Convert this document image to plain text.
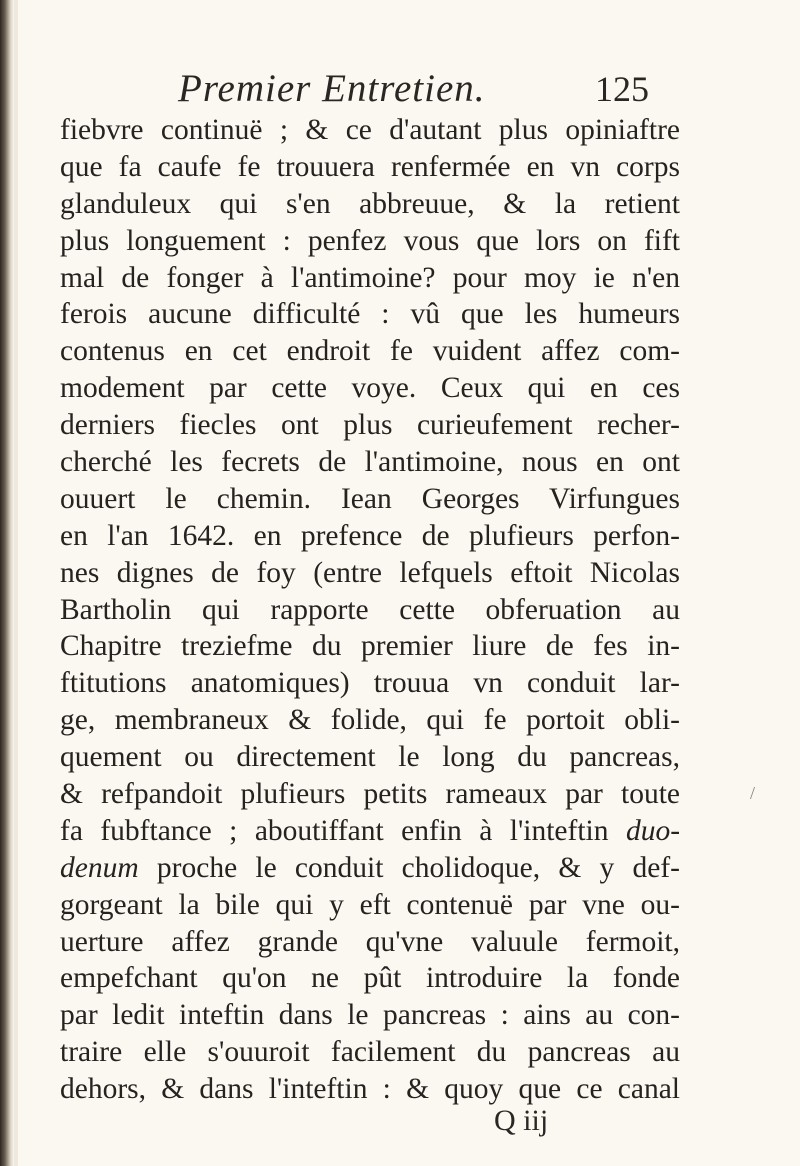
Premier Entretien.	125
fiebvre continuë ; & ce d'autant plus opiniaftre
que fa caufe fe trouuera renfermée en vn corps
glanduleux qui s'en abbreuue, & la retient
plus longuement : penfez vous que lors on fift
mal de fonger à l'antimoine? pour moy ie n'en
ferois aucune difficulté : vû que les humeurs
contenus en cet endroit fe vuident affez com-
modement par cette voye. Ceux qui en ces
derniers fiecles ont plus curieufement recher-
cherché les fecrets de l'antimoine, nous en ont
ouuert le chemin. Iean Georges Virfungues
en l'an 1642. en prefence de plufieurs perfon-
nes dignes de foy (entre lefquels eftoit Nicolas
Bartholin qui rapporte cette obferuation au
Chapitre treziefme du premier liure de fes in-
ftitutions anatomiques) trouua vn conduit lar-
ge, membraneux & folide, qui fe portoit obli-
quement ou directement le long du pancreas,
& refpandoit plufieurs petits rameaux par toute
fa fubftance ; aboutiffant enfin à l'inteftin duo-
denum proche le conduit cholidoque, & y def-
gorgeant la bile qui y eft contenuë par vne ou-
uerture affez grande qu'vne valuule fermoit,
empefchant qu'on ne pût introduire la fonde
par ledit inteftin dans le pancreas : ains au con-
traire elle s'ouuroit facilement du pancreas au
dehors, & dans l'inteftin : & quoy que ce canal
Q iij
/
